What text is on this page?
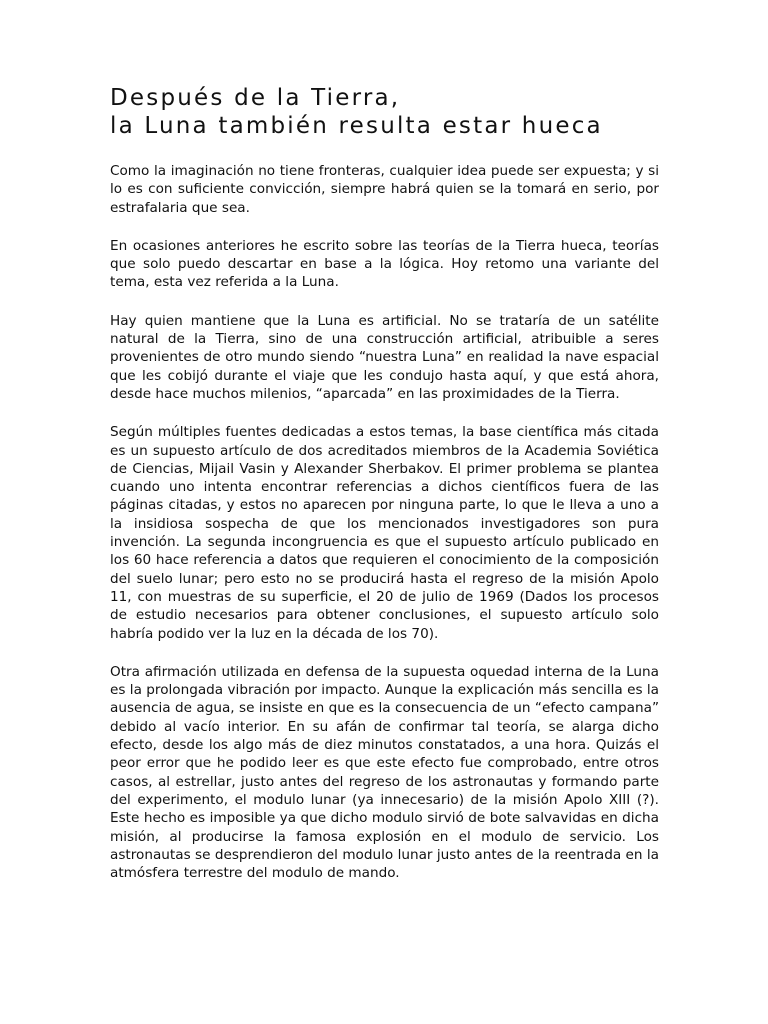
Después de la Tierra,
la Luna también resulta estar hueca

Como la imaginación no tiene fronteras, cualquier idea puede ser expuesta; y si lo es con suficiente convicción, siempre habrá quien se la tomará en serio, por estrafalaria que sea.

En ocasiones anteriores he escrito sobre las teorías de la Tierra hueca, teorías que solo puedo descartar en base a la lógica. Hoy retomo una variante del tema, esta vez referida a la Luna.

Hay quien mantiene que la Luna es artificial. No se trataría de un satélite natural de la Tierra, sino de una construcción artificial, atribuible a seres provenientes de otro mundo siendo “nuestra Luna” en realidad la nave espacial que les cobijó durante el viaje que les condujo hasta aquí, y que está ahora, desde hace muchos milenios, “aparcada” en las proximidades de la Tierra.

Según múltiples fuentes dedicadas a estos temas, la base científica más citada es un supuesto artículo de dos acreditados miembros de la Academia Soviética de Ciencias, Mijail Vasin y Alexander Sherbakov. El primer problema se plantea cuando uno intenta encontrar referencias a dichos científicos fuera de las páginas citadas, y estos no aparecen por ninguna parte, lo que le lleva a uno a la insidiosa sospecha de que los mencionados investigadores son pura invención. La segunda incongruencia es que el supuesto artículo publicado en los 60 hace referencia a datos que requieren el conocimiento de la composición del suelo lunar; pero esto no se producirá hasta el regreso de la misión Apolo 11, con muestras de su superficie, el 20 de julio de 1969 (Dados los procesos de estudio necesarios para obtener conclusiones, el supuesto artículo solo habría podido ver la luz en la década de los 70).

Otra afirmación utilizada en defensa de la supuesta oquedad interna de la Luna es la prolongada vibración por impacto. Aunque la explicación más sencilla es la ausencia de agua, se insiste en que es la consecuencia de un “efecto campana” debido al vacío interior. En su afán de confirmar tal teoría, se alarga dicho efecto, desde los algo más de diez minutos constatados, a una hora. Quizás el peor error que he podido leer es que este efecto fue comprobado, entre otros casos, al estrellar, justo antes del regreso de los astronautas y formando parte del experimento, el modulo lunar (ya innecesario) de la misión Apolo XIII (?). Este hecho es imposible ya que dicho modulo sirvió de bote salvavidas en dicha misión, al producirse la famosa explosión en el modulo de servicio. Los astronautas se desprendieron del modulo lunar justo antes de la reentrada en la atmósfera terrestre del modulo de mando.
